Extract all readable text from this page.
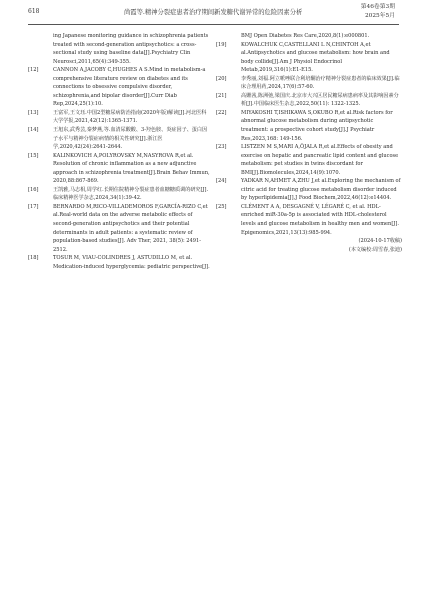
618	尚霞等.精神分裂症患者治疗期间新发糖代谢异常的危险因素分析
第46卷第3期
2025年5月

ing Japanese monitoring guidance in schizophrenia patients treated with second-generation antipsychotics: a cross-sectional study using baseline data[J].Psychiatry Clin Neurosci,2011,65(4):349-355.

[12]	CANNON A,JACOBY C,HUGHES A S.Mind in metabolism-a comprehensive literature review on diabetes and its connections to obsessive compulsive disorder, schizophrenia,and bipolar disorder[J].Curr Diab Rep,2024,25(1):10.

[13]	王富军,王文珏.中国2型糖尿病防治指南(2020年版)解读[J].河北医科大学学报,2021,42(12):1365-1371.

[14]	王旭东,武秀芸,秦梦燕,等.血清尿酸酸、3-羟色胺、炎症因子、蛋白因子水平与精神分裂症病情的相关性研究[J].浙江医学,2020,42(24):2641-2644.

[15]	KALINKOVICH A,POLYROVSKY M,NASYROVA R,et al. Resolution of chronic inflammation as a new adjunctive approach in schizophrenia treatment[J].Brain Behav Immun, 2020,88:867-869.

[16]	王凯雅,马志相,周学红.长期住院精神分裂症患者血糖糖质调的研究[J].临床精神医学杂志,2024,34(1):39-42.

[17]	BERNARDO M,RICO-VILLADEMOROS F,GARCÍA-RIZO C,et al.Real-world data on the adverse metabolic effects of second-generation antipsychotics and their potential determinants in adult patients: a systematic review of population-based studies[J]. Adv Ther, 2021, 38(5): 2491-2512.

[18]	TOSUR M, VIAU-COLINDRES J, ASTUDILLO M, et al. Medication-induced hyperglycemia: pediatric perspective[J].

BMJ Open Diabetes Res Care,2020,8(1):e000801.

[19]	KOWALCHUK C,CASTELLANI L N,CHINTOH A,et al.Antipsychotics and glucose metabolism: how brain and body collide[J].Am J Physiol Endocrinol Metab,2019,316(1):E1-E15.

[20]	李秀丽,刘福.阿立哌唑联合利培酮治疗精神分裂症患者的临床效果[J].临床合理用药,2024,17(6):57-60.

[21]	高姗茜,陈洲弛,梁国庆.北京市大兴区居民糖尿病患病率及其影响因素分析[J].中国临床医生杂志,2022,50(11): 1322-1325.

[22]	MIYAKOSHI T,ISHIKAWA S,OKUBO R,et al.Risk factors for abnormal glucose metabolism during antipsychotic treatment: a prospective cohort study[J].J Psychiatr Res,2023,168: 149-156.

[23]	LISTZEN M S,MARI A,ÖJALA R,et al.Effects of obesity and exercise on hepatic and pancreatic lipid content and glucose metabolism: pet studies in twins discordant for BMI[J].Biomolecules,2024,14(9):1070.

[24]	YADKAR N,AHMET A,ZHU J,et al.Exploring the mechanism of citric acid for treating glucose metabolism disorder induced by hyperlipidemia[J].J Food Biochem,2022,46(12):e14404.

[25]	CLÉMENT A A, DESGAGNÉ V, LÉGARÉ C, et al. HDL-enriched miR-30a-5p is associated with HDL-cholesterol levels and glucose metabolism in healthy men and women[J]. Epigenomics,2021,13(13):985-994.

(2024-10-17收稿)
(本文编校:周雪春,张迪)
